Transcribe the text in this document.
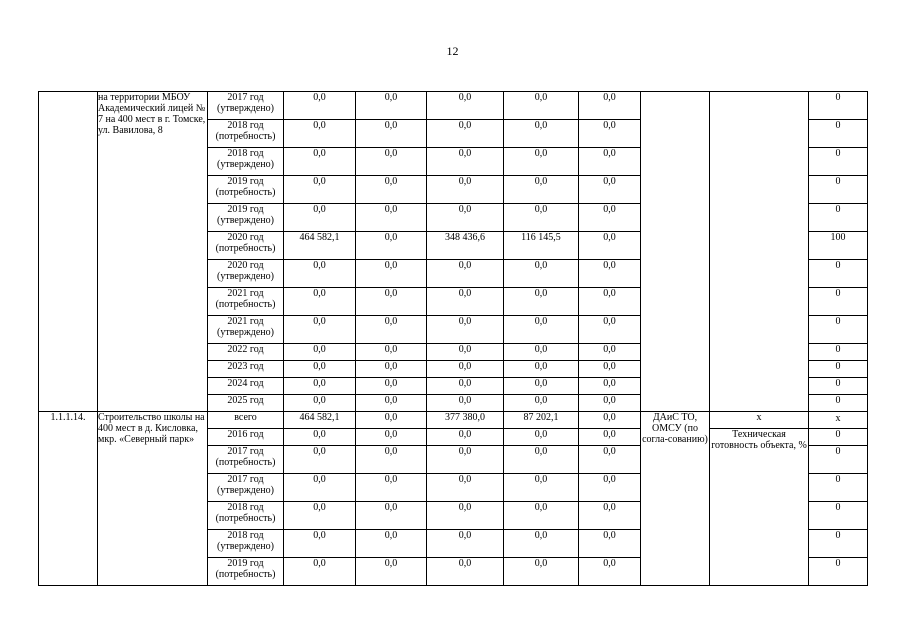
12
	на территории МБОУ Академический лицей № 7 на 400 мест в г. Томске, ул. Вавилова, 8	2017 год (утверждено)	0,0	0,0	0,0	0,0	0,0			0
		2018 год (потребность)	0,0	0,0	0,0	0,0	0,0			0
		2018 год (утверждено)	0,0	0,0	0,0	0,0	0,0			0
		2019 год (потребность)	0,0	0,0	0,0	0,0	0,0			0
		2019 год (утверждено)	0,0	0,0	0,0	0,0	0,0			0
		2020 год (потребность)	464 582,1	0,0	348 436,6	116 145,5	0,0			100
		2020 год (утверждено)	0,0	0,0	0,0	0,0	0,0			0
		2021 год (потребность)	0,0	0,0	0,0	0,0	0,0			0
		2021 год (утверждено)	0,0	0,0	0,0	0,0	0,0			0
		2022 год	0,0	0,0	0,0	0,0	0,0			0
		2023 год	0,0	0,0	0,0	0,0	0,0			0
		2024 год	0,0	0,0	0,0	0,0	0,0			0
		2025 год	0,0	0,0	0,0	0,0	0,0			0
1.1.1.14.	Строительство школы на 400 мест в д. Кисловка, мкр. «Северный парк»	всего	464 582,1	0,0	377 380,0	87 202,1	0,0	ДАиС ТО, ОМСУ (по согла-сованию)	х	х
		2016 год	0,0	0,0	0,0	0,0	0,0		Техническая готовность объекта, %	0
		2017 год (потребность)	0,0	0,0	0,0	0,0	0,0			0
		2017 год (утверждено)	0,0	0,0	0,0	0,0	0,0			0
		2018 год (потребность)	0,0	0,0	0,0	0,0	0,0			0
		2018 год (утверждено)	0,0	0,0	0,0	0,0	0,0			0
		2019 год (потребность)	0,0	0,0	0,0	0,0	0,0			0
